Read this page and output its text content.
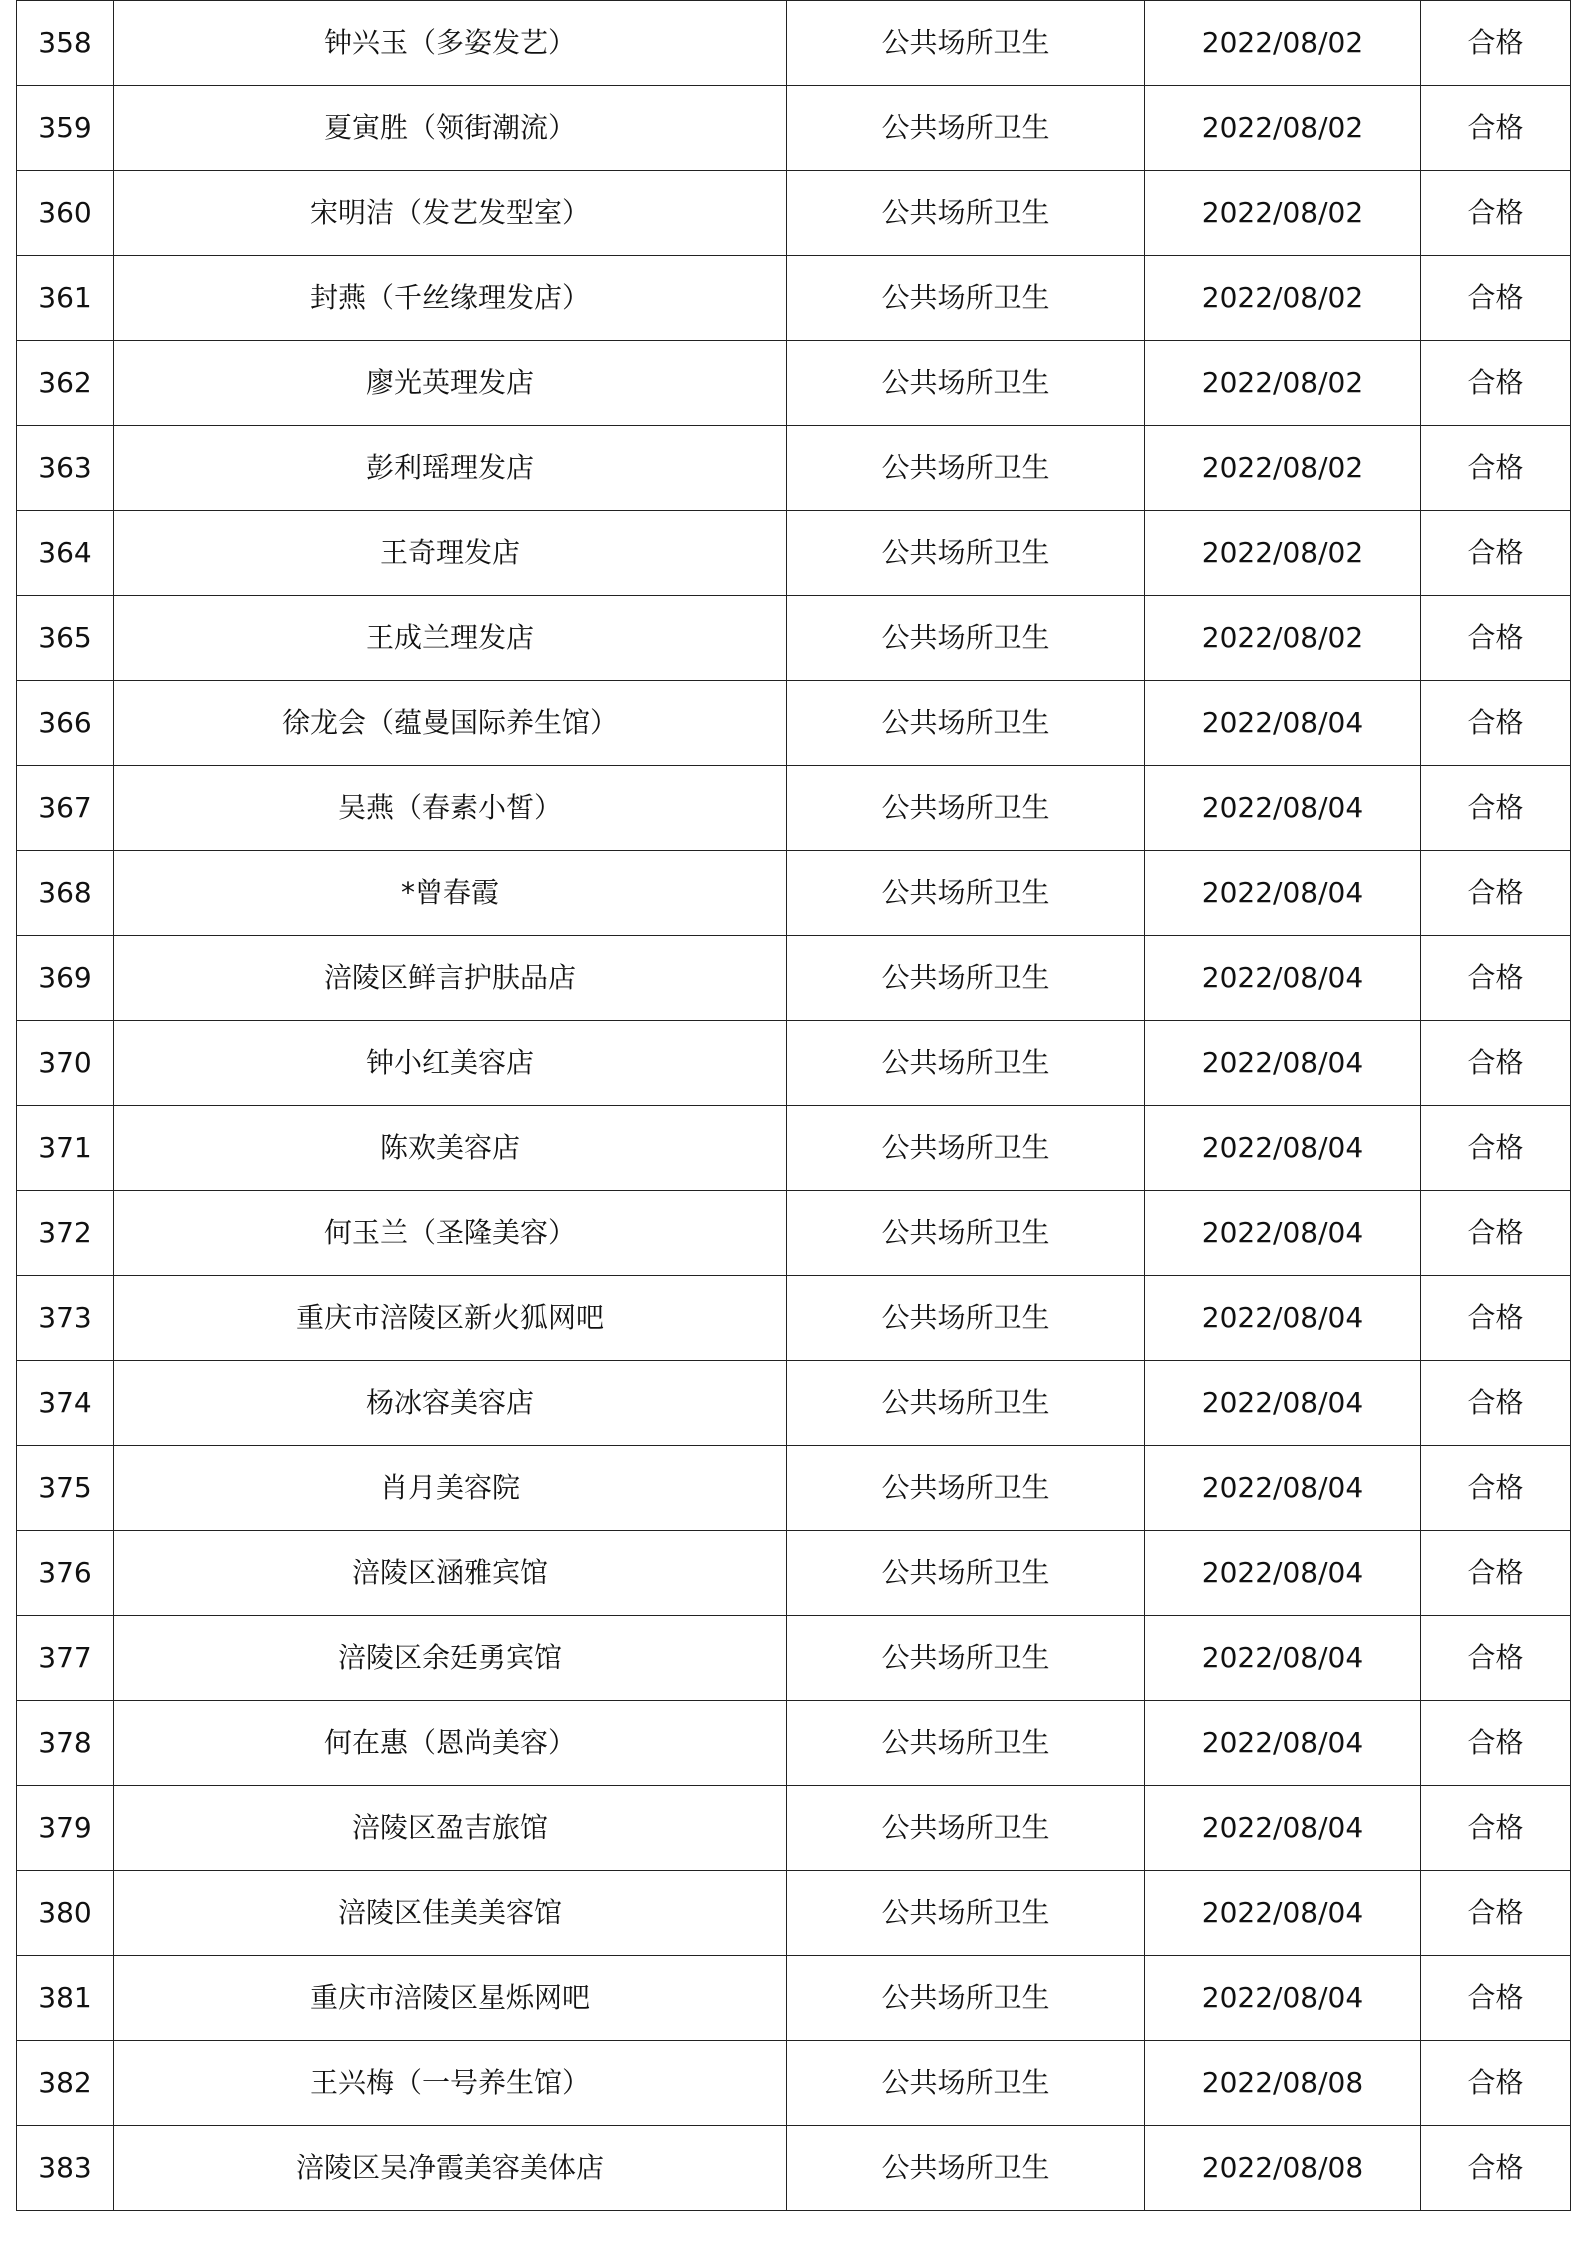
358	钟兴玉（多姿发艺）	公共场所卫生	2022/08/02	合格
359	夏寅胜（领街潮流）	公共场所卫生	2022/08/02	合格
360	宋明洁（发艺发型室）	公共场所卫生	2022/08/02	合格
361	封燕（千丝缘理发店）	公共场所卫生	2022/08/02	合格
362	廖光英理发店	公共场所卫生	2022/08/02	合格
363	彭利瑶理发店	公共场所卫生	2022/08/02	合格
364	王奇理发店	公共场所卫生	2022/08/02	合格
365	王成兰理发店	公共场所卫生	2022/08/02	合格
366	徐龙会（蕴曼国际养生馆）	公共场所卫生	2022/08/04	合格
367	吴燕（春素小皙）	公共场所卫生	2022/08/04	合格
368	*曾春霞	公共场所卫生	2022/08/04	合格
369	涪陵区鲜言护肤品店	公共场所卫生	2022/08/04	合格
370	钟小红美容店	公共场所卫生	2022/08/04	合格
371	陈欢美容店	公共场所卫生	2022/08/04	合格
372	何玉兰（圣隆美容）	公共场所卫生	2022/08/04	合格
373	重庆市涪陵区新火狐网吧	公共场所卫生	2022/08/04	合格
374	杨冰容美容店	公共场所卫生	2022/08/04	合格
375	肖月美容院	公共场所卫生	2022/08/04	合格
376	涪陵区涵雅宾馆	公共场所卫生	2022/08/04	合格
377	涪陵区余廷勇宾馆	公共场所卫生	2022/08/04	合格
378	何在惠（恩尚美容）	公共场所卫生	2022/08/04	合格
379	涪陵区盈吉旅馆	公共场所卫生	2022/08/04	合格
380	涪陵区佳美美容馆	公共场所卫生	2022/08/04	合格
381	重庆市涪陵区星烁网吧	公共场所卫生	2022/08/04	合格
382	王兴梅（一号养生馆）	公共场所卫生	2022/08/08	合格
383	涪陵区吴净霞美容美体店	公共场所卫生	2022/08/08	合格
